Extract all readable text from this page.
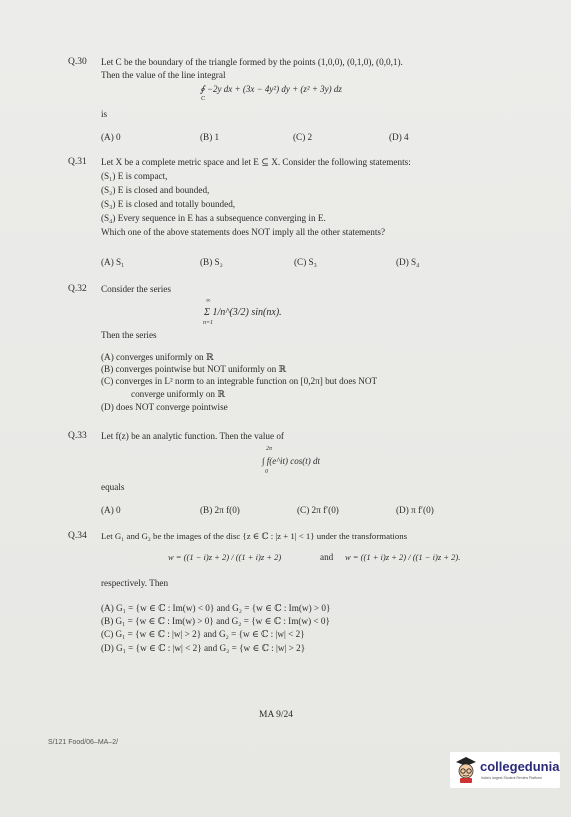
Q.30 Let C be the boundary of the triangle formed by the points (1,0,0), (0,1,0), (0,0,1).
Then the value of the line integral
∮ −2y dx + (3x − 4y²) dy + (z² + 3y) dz
C
is
(A) 0	(B) 1	(C) 2	(D) 4
Q.31 Let X be a complete metric space and let E ⊆ X. Consider the following statements:
(S₁) E is compact,
(S₂) E is closed and bounded,
(S₃) E is closed and totally bounded,
(S₄) Every sequence in E has a subsequence converging in E.
Which one of the above statements does NOT imply all the other statements?
(A) S₁	(B) S₂	(C) S₃	(D) S₄
Q.32 Consider the series
∞
Σ 1/n^(3/2) sin(nx).
n=1
Then the series
(A) converges uniformly on ℝ
(B) converges pointwise but NOT uniformly on ℝ
(C) converges in L² norm to an integrable function on [0,2π] but does NOT
converge uniformly on ℝ
(D) does NOT converge pointwise
Q.33 Let f(z) be an analytic function. Then the value of
2π
∫ f(e^it) cos(t) dt
0
equals
(A) 0	(B) 2π f(0)	(C) 2π f′(0)	(D) π f′(0)
Q.34 Let G₁ and G₂ be the images of the disc {z ∈ ℂ : |z + 1| < 1} under the transformations
w = ((1 − i)z + 2) / ((1 + i)z + 2)	and w = ((1 + i)z + 2) / ((1 − i)z + 2).
respectively. Then
(A) G₁ = {w ∈ ℂ : Im(w) < 0} and G₂ = {w ∈ ℂ : Im(w) > 0}
(B) G₁ = {w ∈ ℂ : Im(w) > 0} and G₂ = {w ∈ ℂ : Im(w) < 0}
(C) G₁ = {w ∈ ℂ : |w| > 2} and G₂ = {w ∈ ℂ : |w| < 2}
(D) G₁ = {w ∈ ℂ : |w| < 2} and G₂ = {w ∈ ℂ : |w| > 2}
MA 9/24
S/121 Food/06–MA–2/
collegedunia
India's largest Student Review Platform
